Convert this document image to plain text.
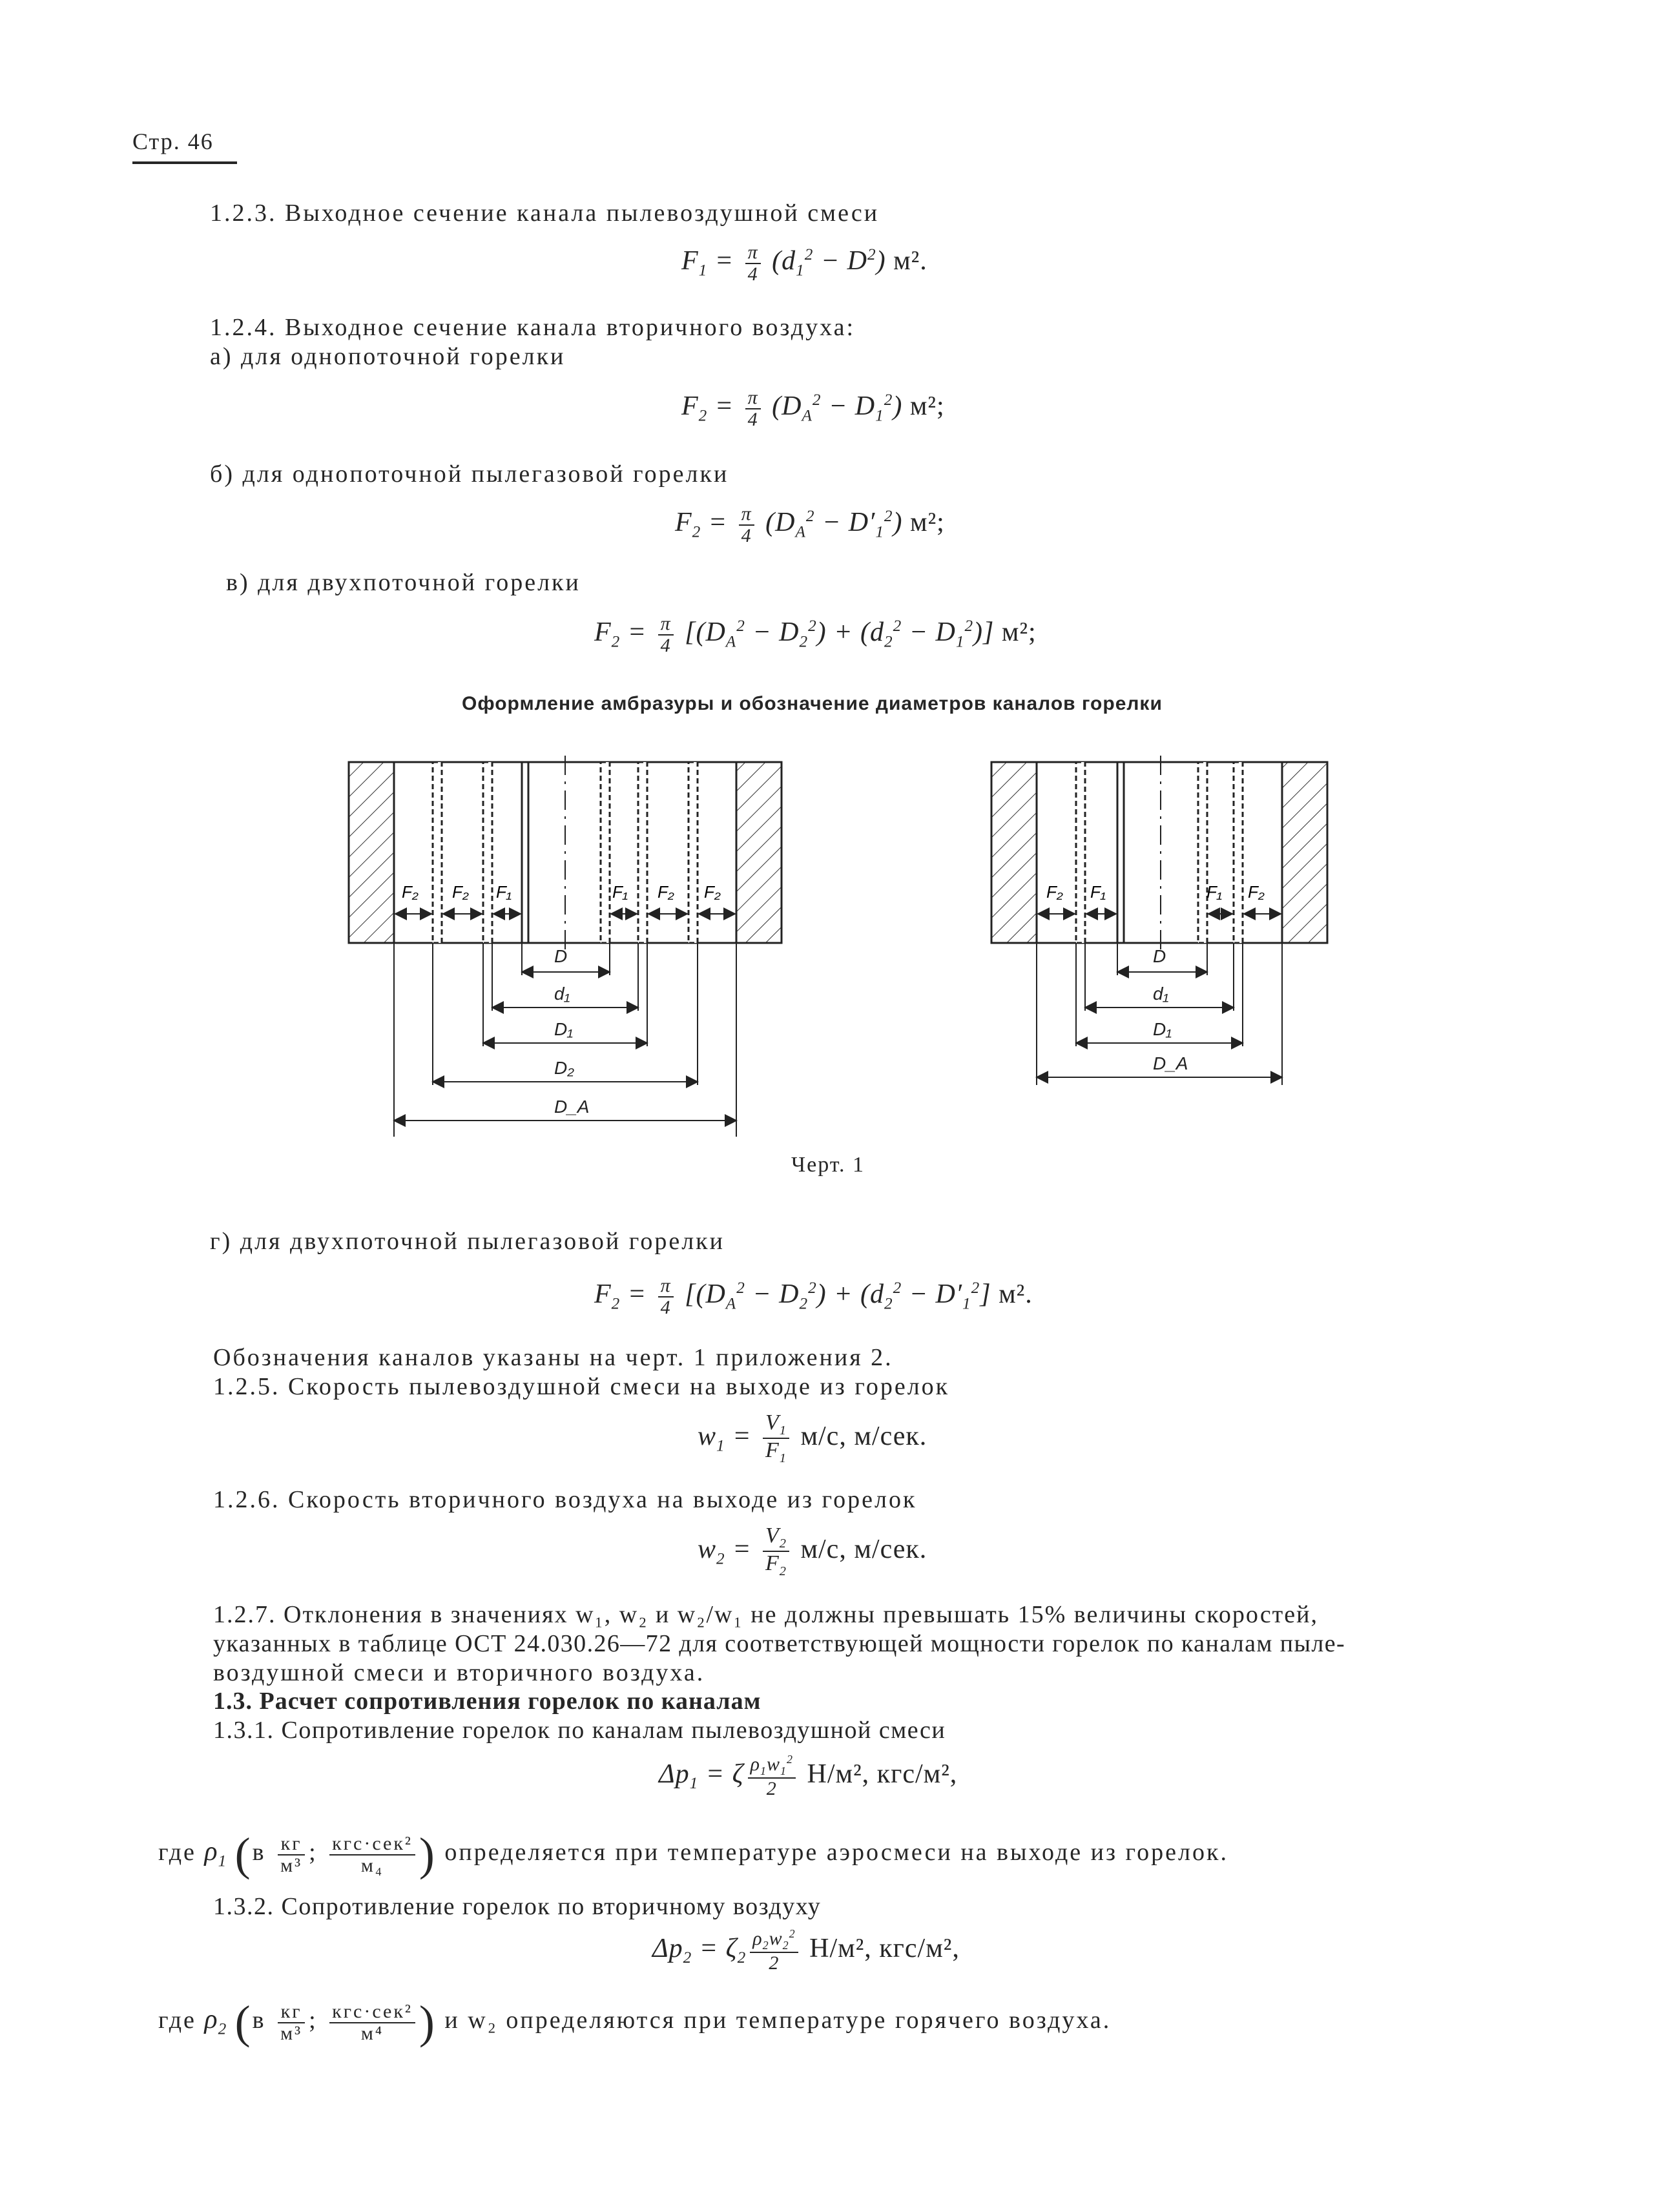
Стр. 46
1.2.3. Выходное сечение канала пылевоздушной смеси
$F_1 = \frac{\pi}{4} (d_1^2 - D^2)$ м².
1.2.4. Выходное сечение канала вторичного воздуха:
а) для однопоточной горелки
$F_2 = \frac{\pi}{4} (D_A^2 - D_1^2)$ м²;
б) для однопоточной пылегазовой горелки
$F_2 = \frac{\pi}{4} (D_A^2 - D'_1^2)$ м²;
в) для двухпоточной горелки
$F_2 = \frac{\pi}{4} [(D_A^2 - D_2^2) + (d_2^2 - D_1^2)]$ м²;
Оформление амбразуры и обозначение диаметров каналов горелки
F₂ F₂ F₁	F₁ F₂ F₂
D
d₁
D₁
D₂
D_A
F₂ F₁	F₁ F₂
D
d₁
D₁
D_A
Черт. 1
г) для двухпоточной пылегазовой горелки
$F_2 = \frac{\pi}{4} [(D_A^2 - D_2^2) + (d_2^2 - D'_1^2]$ м².
Обозначения каналов указаны на черт. 1 приложения 2.
1.2.5. Скорость пылевоздушной смеси на выходе из горелок
$w_1 = \frac{V_1}{F_1} м/с$, м/сек.
1.2.6. Скорость вторичного воздуха на выходе из горелок
$w_2 = \frac{V_2}{F_2} м/с$, м/сек.
1.2.7. Отклонения в значениях w₁, w₂ и w₂/w₁ не должны превышать 15% величины скоростей,
указанных в таблице ОСТ 24.030.26—72 для соответствующей мощности горелок по каналам пыле-
воздушной смеси и вторичного воздуха.
1.3. Расчет сопротивления горелок по каналам
1.3.1. Сопротивление горелок по каналам пылевоздушной смеси
$\Delta p_1 = \zeta \frac{\rho_1w_1^2}{2} Н/м^2$, кгс/м²,
где $\rho_1$ ($в \frac{кг}{\text{м³}}$ ; $\frac{\text{кгс·сек²}}{\text{м₄}}$ ) определяется при температуре аэросмеси на выходе из горелок.
1.3.2. Сопротивление горелок по вторичному воздуху
$\Delta p_2 = \zeta_2 \frac{\rho_2w_2^2}{2} Н/м^2$, кгс/м²,
где $\rho_2$ ($в \frac{кг}{\text{м³}}$ ; $\frac{\text{кгс·сек²}}{\text{м⁴}}$ ) и w₂ определяются при температуре горячего воздуха.
